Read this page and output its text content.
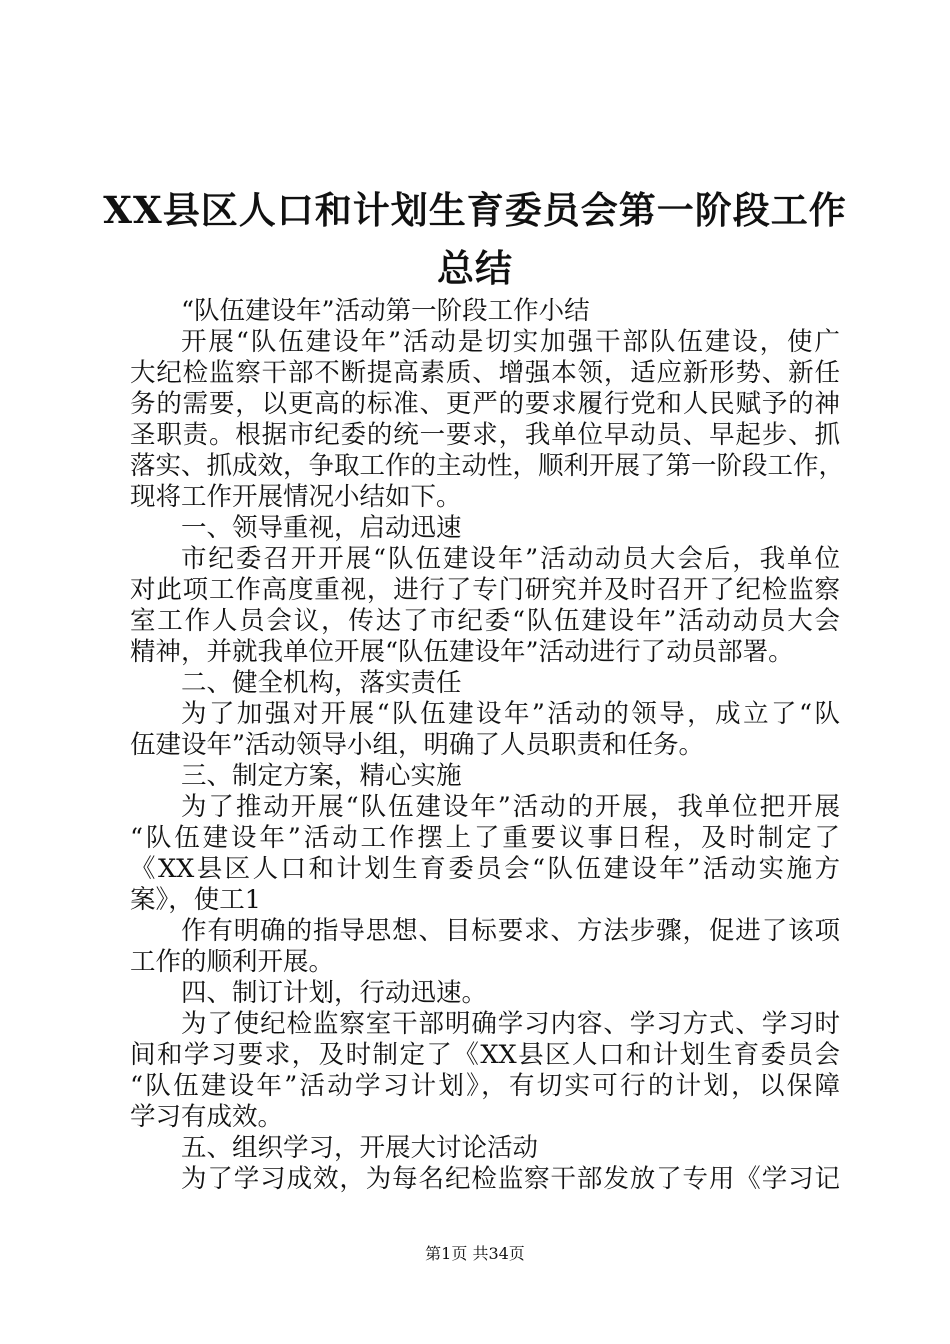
XX县区人口和计划生育委员会第一阶段工作
总结
“队伍建设年”活动第一阶段工作小结
开展“队伍建设年”活动是切实加强干部队伍建设，使广
大纪检监察干部不断提高素质、增强本领，适应新形势、新任
务的需要，以更高的标准、更严的要求履行党和人民赋予的神
圣职责。根据市纪委的统一要求，我单位早动员、早起步、抓
落实、抓成效，争取工作的主动性，顺利开展了第一阶段工作，
现将工作开展情况小结如下。
一、领导重视，启动迅速
市纪委召开开展“队伍建设年”活动动员大会后，我单位
对此项工作高度重视，进行了专门研究并及时召开了纪检监察
室工作人员会议，传达了市纪委“队伍建设年”活动动员大会
精神，并就我单位开展“队伍建设年”活动进行了动员部署。
二、健全机构，落实责任
为了加强对开展“队伍建设年”活动的领导，成立了“队
伍建设年”活动领导小组，明确了人员职责和任务。
三、制定方案，精心实施
为了推动开展“队伍建设年”活动的开展，我单位把开展
“队伍建设年”活动工作摆上了重要议事日程，及时制定了
《XX县区人口和计划生育委员会“队伍建设年”活动实施方
案》，使工1
作有明确的指导思想、目标要求、方法步骤，促进了该项
工作的顺利开展。
四、制订计划，行动迅速。
为了使纪检监察室干部明确学习内容、学习方式、学习时
间和学习要求，及时制定了《XX县区人口和计划生育委员会
“队伍建设年”活动学习计划》，有切实可行的计划，以保障
学习有成效。
五、组织学习，开展大讨论活动
为了学习成效，为每名纪检监察干部发放了专用《学习记
第1页 共34页
